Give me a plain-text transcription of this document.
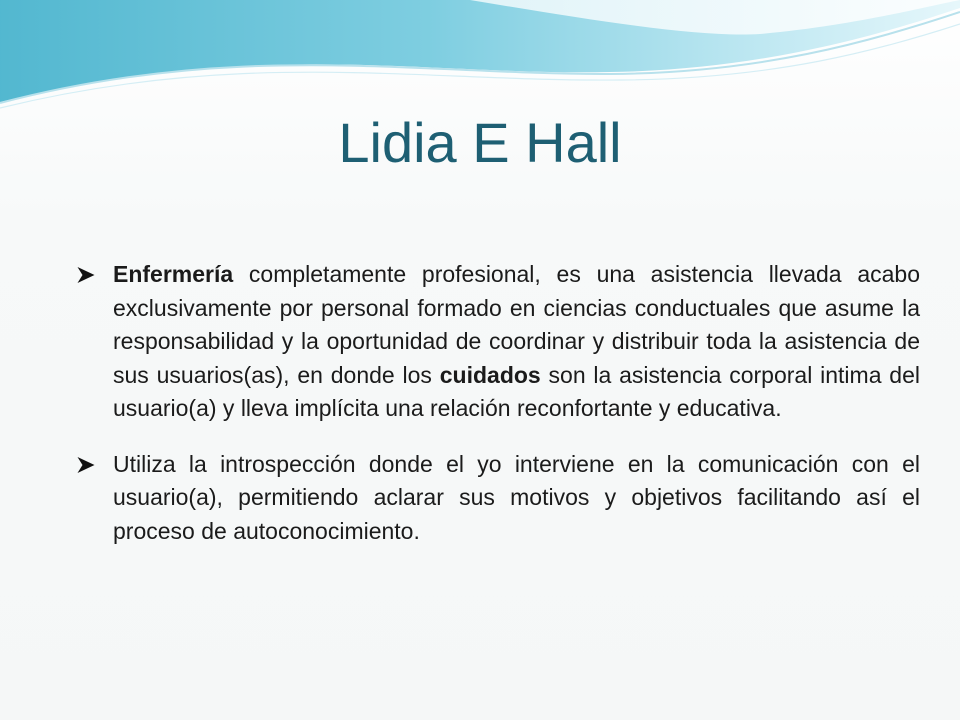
Lidia E Hall
Enfermería completamente profesional, es una asistencia llevada acabo exclusivamente por personal formado en ciencias conductuales que asume la responsabilidad y la oportunidad de coordinar y distribuir toda la asistencia de sus usuarios(as), en donde los cuidados son la asistencia corporal intima del usuario(a) y lleva implícita una relación reconfortante y educativa.
Utiliza la introspección donde el yo interviene en la comunicación con el usuario(a), permitiendo aclarar sus motivos y objetivos facilitando así el proceso de autoconocimiento.
